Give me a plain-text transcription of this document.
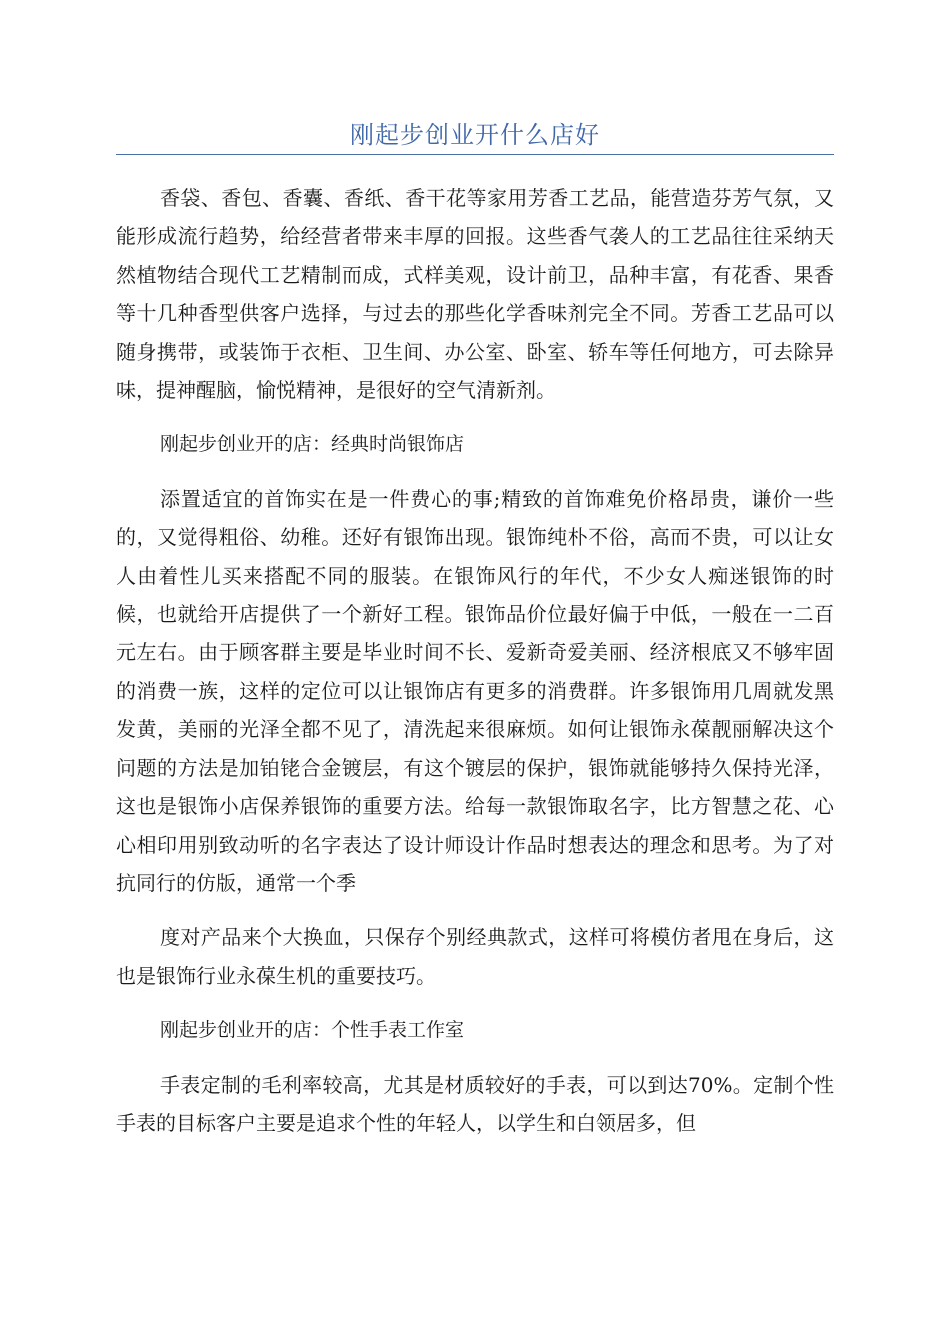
刚起步创业开什么店好

香袋、香包、香囊、香纸、香干花等家用芳香工艺品，能营造芬芳气氛，又能形成流行趋势，给经营者带来丰厚的回报。这些香气袭人的工艺品往往采纳天然植物结合现代工艺精制而成，式样美观，设计前卫，品种丰富，有花香、果香等十几种香型供客户选择，与过去的那些化学香味剂完全不同。芳香工艺品可以随身携带，或装饰于衣柜、卫生间、办公室、卧室、轿车等任何地方，可去除异味，提神醒脑，愉悦精神，是很好的空气清新剂。

刚起步创业开的店：经典时尚银饰店

添置适宜的首饰实在是一件费心的事;精致的首饰难免价格昂贵，谦价一些的，又觉得粗俗、幼稚。还好有银饰出现。银饰纯朴不俗，高而不贵，可以让女人由着性儿买来搭配不同的服装。在银饰风行的年代，不少女人痴迷银饰的时候，也就给开店提供了一个新好工程。银饰品价位最好偏于中低，一般在一二百元左右。由于顾客群主要是毕业时间不长、爱新奇爱美丽、经济根底又不够牢固的消费一族，这样的定位可以让银饰店有更多的消费群。许多银饰用几周就发黑发黄，美丽的光泽全都不见了，清洗起来很麻烦。如何让银饰永葆靓丽解决这个问题的方法是加铂铑合金镀层，有这个镀层的保护，银饰就能够持久保持光泽，这也是银饰小店保养银饰的重要方法。给每一款银饰取名字，比方智慧之花、心心相印用别致动听的名字表达了设计师设计作品时想表达的理念和思考。为了对抗同行的仿版，通常一个季

度对产品来个大换血，只保存个别经典款式，这样可将模仿者甩在身后，这也是银饰行业永葆生机的重要技巧。

刚起步创业开的店：个性手表工作室

手表定制的毛利率较高，尤其是材质较好的手表，可以到达70%。定制个性手表的目标客户主要是追求个性的年轻人，以学生和白领居多，但
